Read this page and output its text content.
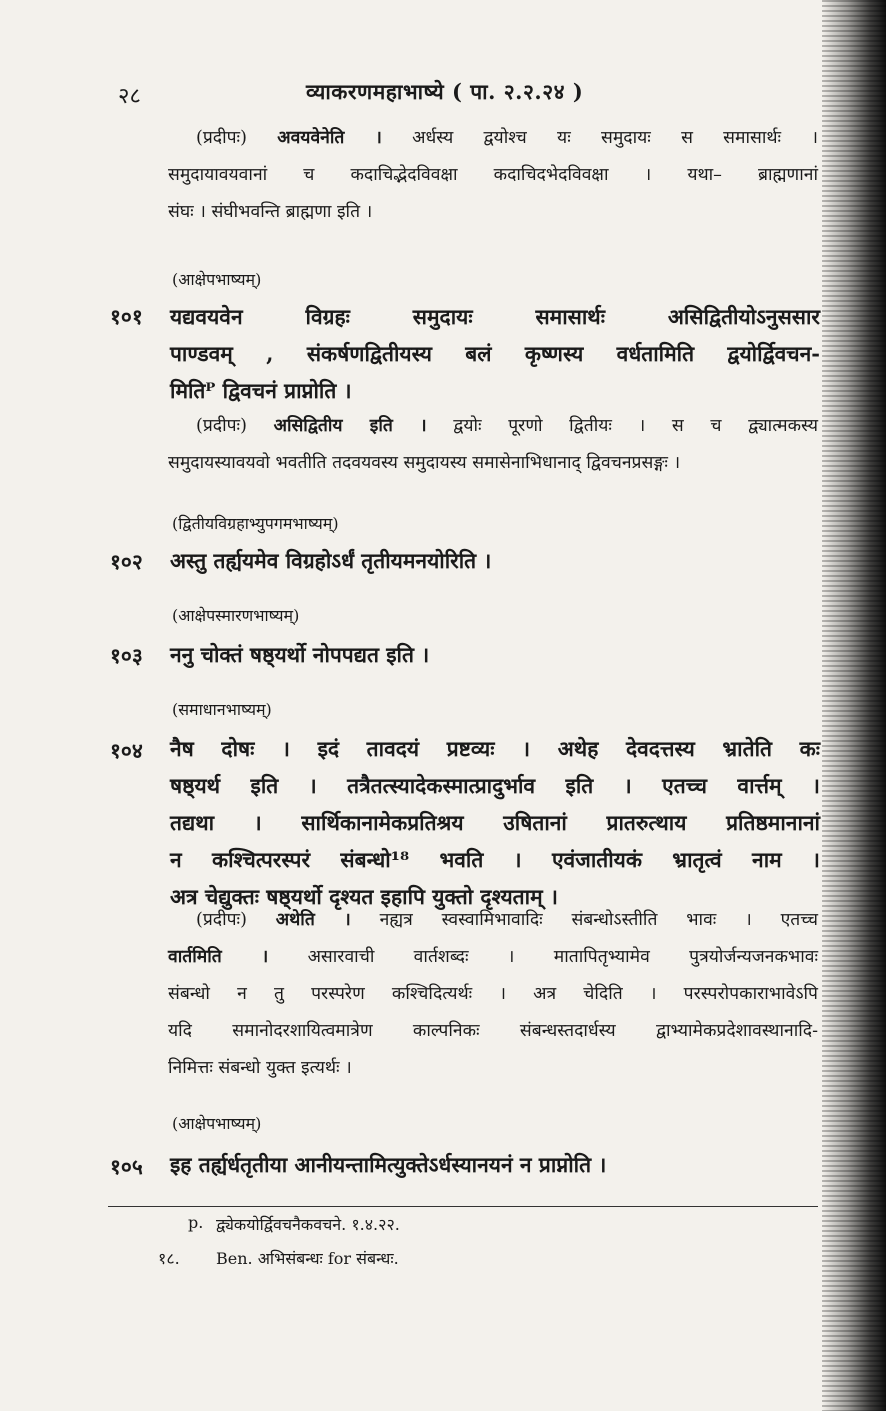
२८	व्याकरणमहाभाष्ये ( पा. २.२.२४ )
(प्रदीपः) अवयवेनेति । अर्धस्य द्वयोश्च यः समुदायः स समासार्थः ।
समुदायावयवानां च कदाचिद्भेदविवक्षा कदाचिदभेदविवक्षा । यथा– ब्राह्मणानां
संघः । संघीभवन्ति ब्राह्मणा इति ।
(आक्षेपभाष्यम्)
१०१ यद्यवयवेन विग्रहः समुदायः समासार्थः असिद्वितीयोऽनुससार
पाण्डवम् , संकर्षणद्वितीयस्य बलं कृष्णस्य वर्धतामिति द्वयोर्द्विवचन-
मितिᴾ द्विवचनं प्राप्नोति ।
(प्रदीपः) असिद्वितीय इति । द्वयोः पूरणो द्वितीयः । स च द्व्यात्मकस्य
समुदायस्यावयवो भवतीति तदवयवस्य समुदायस्य समासेनाभिधानाद् द्विवचनप्रसङ्गः ।
(द्वितीयविग्रहाभ्युपगमभाष्यम्)
१०२ अस्तु तर्ह्ययमेव विग्रहोऽर्धं तृतीयमनयोरिति ।
(आक्षेपस्मारणभाष्यम्)
१०३ ननु चोक्तं षष्ठ्यर्थो नोपपद्यत इति ।
(समाधानभाष्यम्)
१०४ नैष दोषः । इदं तावदयं प्रष्टव्यः । अथेह देवदत्तस्य भ्रातेति कः
षष्ठ्यर्थ इति । तत्रैतत्स्यादेकस्मात्प्रादुर्भाव इति । एतच्च वार्त्तम् ।
तद्यथा । सार्थिकानामेकप्रतिश्रय उषितानां प्रातरुत्थाय प्रतिष्ठमानानां
न कश्चित्परस्परं संबन्धो¹⁸ भवति । एवंजातीयकं भ्रातृत्वं नाम ।
अत्र चेद्युक्तः षष्ठ्यर्थो दृश्यत इहापि युक्तो दृश्यताम् ।
(प्रदीपः) अथेति । नह्यत्र स्वस्वामिभावादिः संबन्धोऽस्तीति भावः । एतच्च
वार्तमिति । असारवाची वार्तशब्दः । मातापितृभ्यामेव पुत्रयोर्जन्यजनकभावः
संबन्धो न तु परस्परेण कश्चिदित्यर्थः । अत्र चेदिति । परस्परोपकाराभावेऽपि
यदि समानोदरशायित्वमात्रेण काल्पनिकः संबन्धस्तदार्धस्य द्वाभ्यामेकप्रदेशावस्थानादि-
निमित्तः संबन्धो युक्त इत्यर्थः ।
(आक्षेपभाष्यम्)
१०५ इह तर्ह्यर्धतृतीया आनीयन्तामित्युक्तेऽर्धस्यानयनं न प्राप्नोति ।
p. द्व्येकयोर्द्विवचनैकवचने. १.४.२२.
१८. Ben. अभिसंबन्धः for संबन्धः.
